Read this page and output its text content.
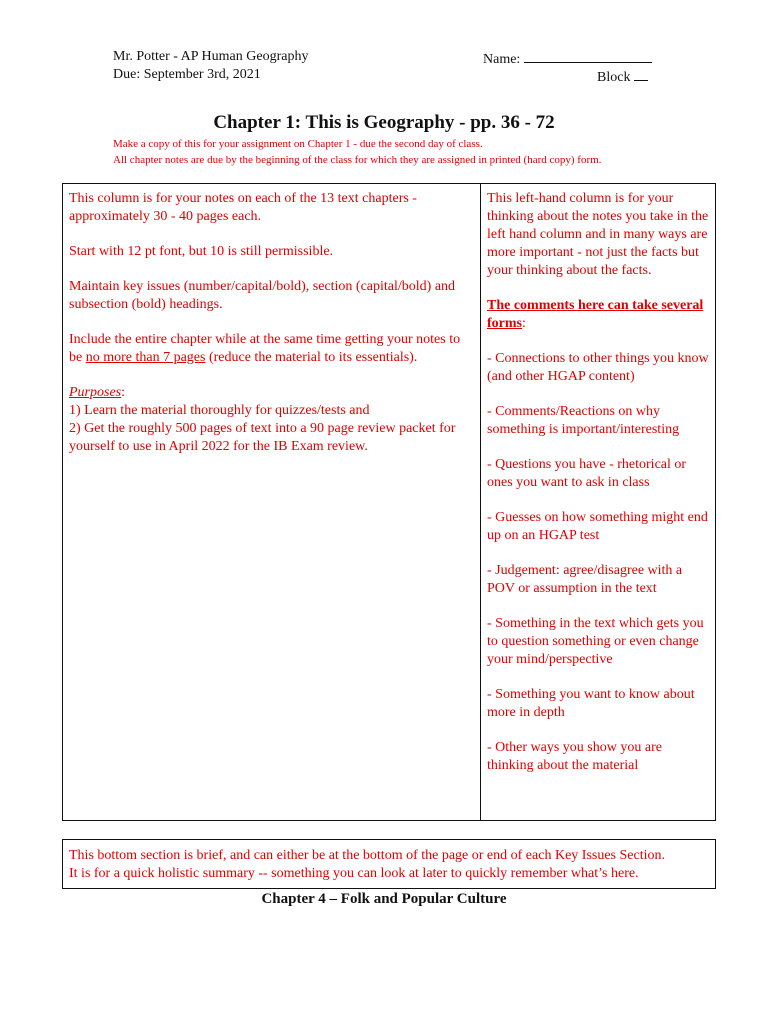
Mr. Potter - AP Human Geography
Due: September 3rd, 2021
Name:
Block
Chapter 1: This is Geography - pp. 36 - 72
Make a copy of this for your assignment on Chapter 1 - due the second day of class.
All chapter notes are due by the beginning of the class for which they are assigned in printed (hard copy) form.

This column is for your notes on each of the 13 text chapters - approximately 30 - 40 pages each.

Start with 12 pt font, but 10 is still permissible.

Maintain key issues (number/capital/bold), section (capital/bold) and subsection (bold) headings.

Include the entire chapter while at the same time getting your notes to be no more than 7 pages (reduce the material to its essentials).

Purposes:
1) Learn the material thoroughly for quizzes/tests and
2) Get the roughly 500 pages of text into a 90 page review packet for yourself to use in April 2022 for the IB Exam review.

This left-hand column is for your thinking about the notes you take in the left hand column and in many ways are more important - not just the facts but your thinking about the facts.

The comments here can take several forms:

- Connections to other things you know (and other HGAP content)

- Comments/Reactions on why something is important/interesting

- Questions you have - rhetorical or ones you want to ask in class

- Guesses on how something might end up on an HGAP test

- Judgement: agree/disagree with a POV or assumption in the text

- Something in the text which gets you to question something or even change your mind/perspective

- Something you want to know about more in depth

- Other ways you show you are thinking about the material

This bottom section is brief, and can either be at the bottom of the page or end of each Key Issues Section.
It is for a quick holistic summary -- something you can look at later to quickly remember what’s here.
Chapter 4 – Folk and Popular Culture
